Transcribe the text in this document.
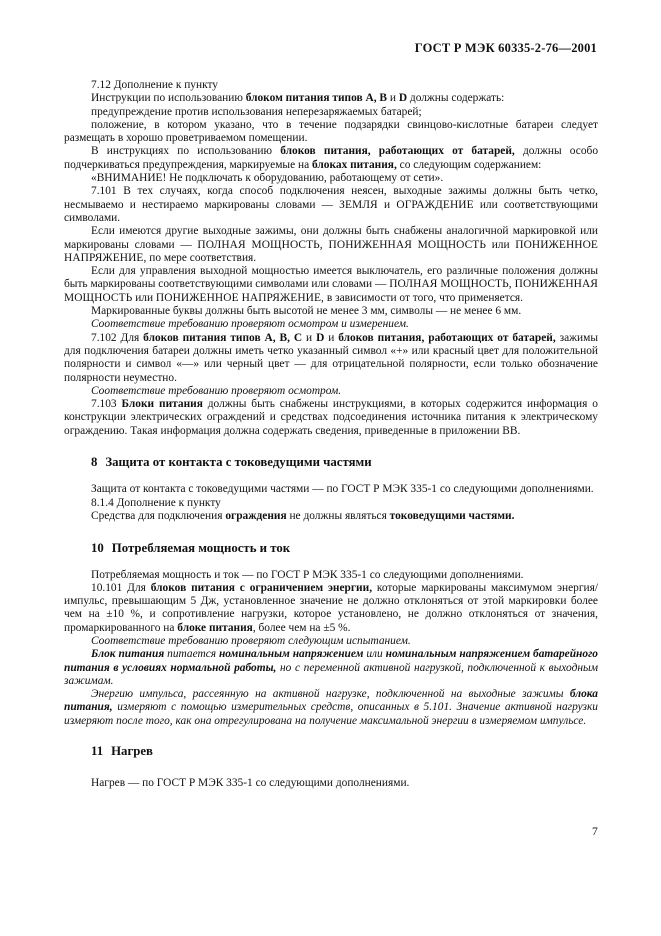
ГОСТ Р МЭК 60335-2-76—2001

7.12 Дополнение к пункту

Инструкции по использованию блоком питания типов А, В и D должны содержать:

предупреждение против использования неперезаряжаемых батарей;

положение, в котором указано, что в течение подзарядки свинцово-кислотные батареи следует размещать в хорошо проветриваемом помещении.

В инструкциях по использованию блоков питания, работающих от батарей, должны особо подчеркиваться предупреждения, маркируемые на блоках питания, со следующим содержанием:

«ВНИМАНИЕ! Не подключать к оборудованию, работающему от сети».

7.101 В тех случаях, когда способ подключения неясен, выходные зажимы должны быть четко, несмываемо и нестираемо маркированы словами — ЗЕМЛЯ и ОГРАЖДЕНИЕ или соответствующими символами.

Если имеются другие выходные зажимы, они должны быть снабжены аналогичной маркировкой или маркированы словами — ПОЛНАЯ МОЩНОСТЬ, ПОНИЖЕННАЯ МОЩНОСТЬ или ПОНИЖЕННОЕ НАПРЯЖЕНИЕ, по мере соответствия.

Если для управления выходной мощностью имеется выключатель, его различные положения должны быть маркированы соответствующими символами или словами — ПОЛНАЯ МОЩНОСТЬ, ПОНИЖЕННАЯ МОЩНОСТЬ или ПОНИЖЕННОЕ НАПРЯЖЕНИЕ, в зависимости от того, что применяется.

Маркированные буквы должны быть высотой не менее 3 мм, символы — не менее 6 мм.

Соответствие требованию проверяют осмотром и измерением.

7.102 Для блоков питания типов А, В, С и D и блоков питания, работающих от батарей, зажимы для подключения батареи должны иметь четко указанный символ «+» или красный цвет для положительной полярности и символ «—» или черный цвет — для отрицательной полярности, если только обозначение полярности неуместно.

Соответствие требованию проверяют осмотром.

7.103 Блоки питания должны быть снабжены инструкциями, в которых содержится информация о конструкции электрических ограждений и средствах подсоединения источника питания к электрическому ограждению. Такая информация должна содержать сведения, приведенные в приложении ВВ.

8 Защита от контакта с токоведущими частями

Защита от контакта с токоведущими частями — по ГОСТ Р МЭК 335-1 со следующими дополнениями.

8.1.4 Дополнение к пункту

Средства для подключения ограждения не должны являться токоведущими частями.

10 Потребляемая мощность и ток

Потребляемая мощность и ток — по ГОСТ Р МЭК 335-1 со следующими дополнениями.

10.101 Для блоков питания с ограничением энергии, которые маркированы максимумом энергия/импульс, превышающим 5 Дж, установленное значение не должно отклоняться от этой маркировки более чем на ±10 %, и сопротивление нагрузки, которое установлено, не должно отклоняться от значения, промаркированного на блоке питания, более чем на ±5 %.

Соответствие требованию проверяют следующим испытанием.

Блок питания питается номинальным напряжением или номинальным напряжением батарейного питания в условиях нормальной работы, но с переменной активной нагрузкой, подключенной к выходным зажимам.

Энергию импульса, рассеянную на активной нагрузке, подключенной на выходные зажимы блока питания, измеряют с помощью измерительных средств, описанных в 5.101. Значение активной нагрузки измеряют после того, как она отрегулирована на получение максимальной энергии в измеряемом импульсе.

11 Нагрев

Нагрев — по ГОСТ Р МЭК 335-1 со следующими дополнениями.

7
